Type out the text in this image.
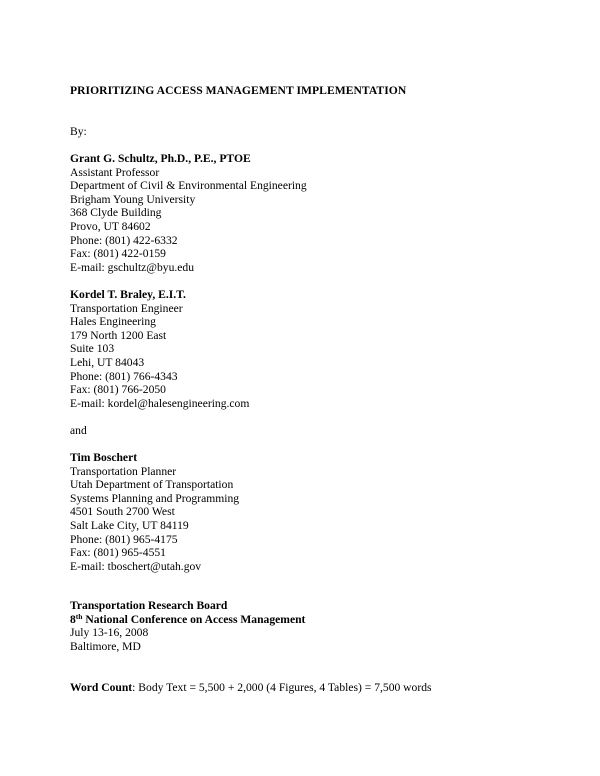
PRIORITIZING ACCESS MANAGEMENT IMPLEMENTATION
By:
Grant G. Schultz, Ph.D., P.E., PTOE
Assistant Professor
Department of Civil & Environmental Engineering
Brigham Young University
368 Clyde Building
Provo, UT 84602
Phone: (801) 422-6332
Fax: (801) 422-0159
E-mail: gschultz@byu.edu
Kordel T. Braley, E.I.T.
Transportation Engineer
Hales Engineering
179 North 1200 East
Suite 103
Lehi, UT 84043
Phone: (801) 766-4343
Fax: (801) 766-2050
E-mail: kordel@halesengineering.com
and
Tim Boschert
Transportation Planner
Utah Department of Transportation
Systems Planning and Programming
4501 South 2700 West
Salt Lake City, UT 84119
Phone: (801) 965-4175
Fax: (801) 965-4551
E-mail: tboschert@utah.gov
Transportation Research Board
8th National Conference on Access Management
July 13-16, 2008
Baltimore, MD
Word Count: Body Text = 5,500 + 2,000 (4 Figures, 4 Tables) = 7,500 words
